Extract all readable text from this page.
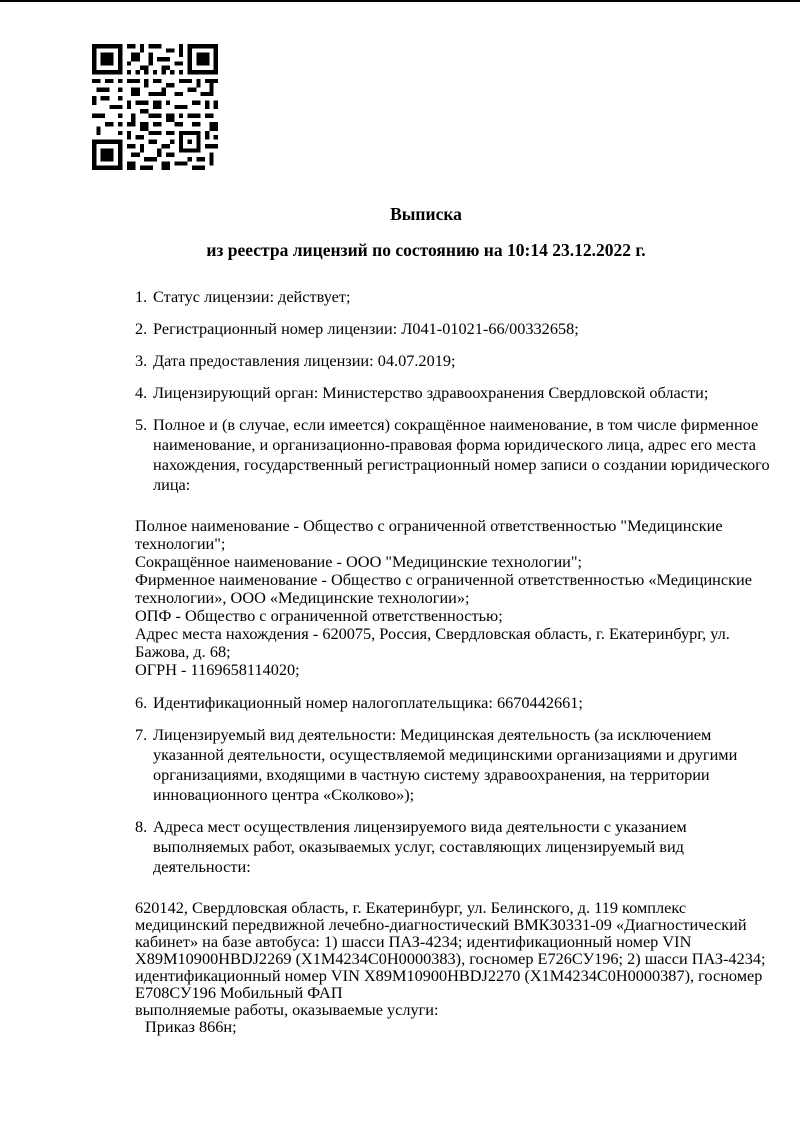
Выписка
из реестра лицензий по состоянию на 10:14 23.12.2022 г.
1. Статус лицензии: действует;
2. Регистрационный номер лицензии: Л041-01021-66/00332658;
3. Дата предоставления лицензии: 04.07.2019;
4. Лицензирующий орган: Министерство здравоохранения Свердловской области;
5. Полное и (в случае, если имеется) сокращённое наименование, в том числе фирменное наименование, и организационно-правовая форма юридического лица, адрес его места нахождения, государственный регистрационный номер записи о создании юридического лица:
Полное наименование - Общество с ограниченной ответственностью "Медицинские технологии";
Сокращённое наименование - ООО "Медицинские технологии";
Фирменное наименование - Общество с ограниченной ответственностью «Медицинские технологии», ООО «Медицинские технологии»;
ОПФ - Общество с ограниченной ответственностью;
Адрес места нахождения - 620075, Россия, Свердловская область, г. Екатеринбург, ул. Бажова, д. 68;
ОГРН - 1169658114020;
6. Идентификационный номер налогоплательщика: 6670442661;
7. Лицензируемый вид деятельности: Медицинская деятельность (за исключением указанной деятельности, осуществляемой медицинскими организациями и другими организациями, входящими в частную систему здравоохранения, на территории инновационного центра «Сколково»);
8. Адреса мест осуществления лицензируемого вида деятельности с указанием выполняемых работ, оказываемых услуг, составляющих лицензируемый вид деятельности:
620142, Свердловская область, г. Екатеринбург, ул. Белинского, д. 119 комплекс медицинский передвижной лечебно-диагностический ВМК30331-09 «Диагностический кабинет» на базе автобуса: 1) шасси ПАЗ-4234; идентификационный номер VIN X89M10900HBDJ2269 (X1M4234C0H0000383), госномер Е726СУ196; 2) шасси ПАЗ-4234; идентификационный номер VIN X89M10900HBDJ2270 (X1M4234C0H0000387), госномер Е708СУ196 Мобильный ФАП
выполняемые работы, оказываемые услуги:
Приказ 866н;
